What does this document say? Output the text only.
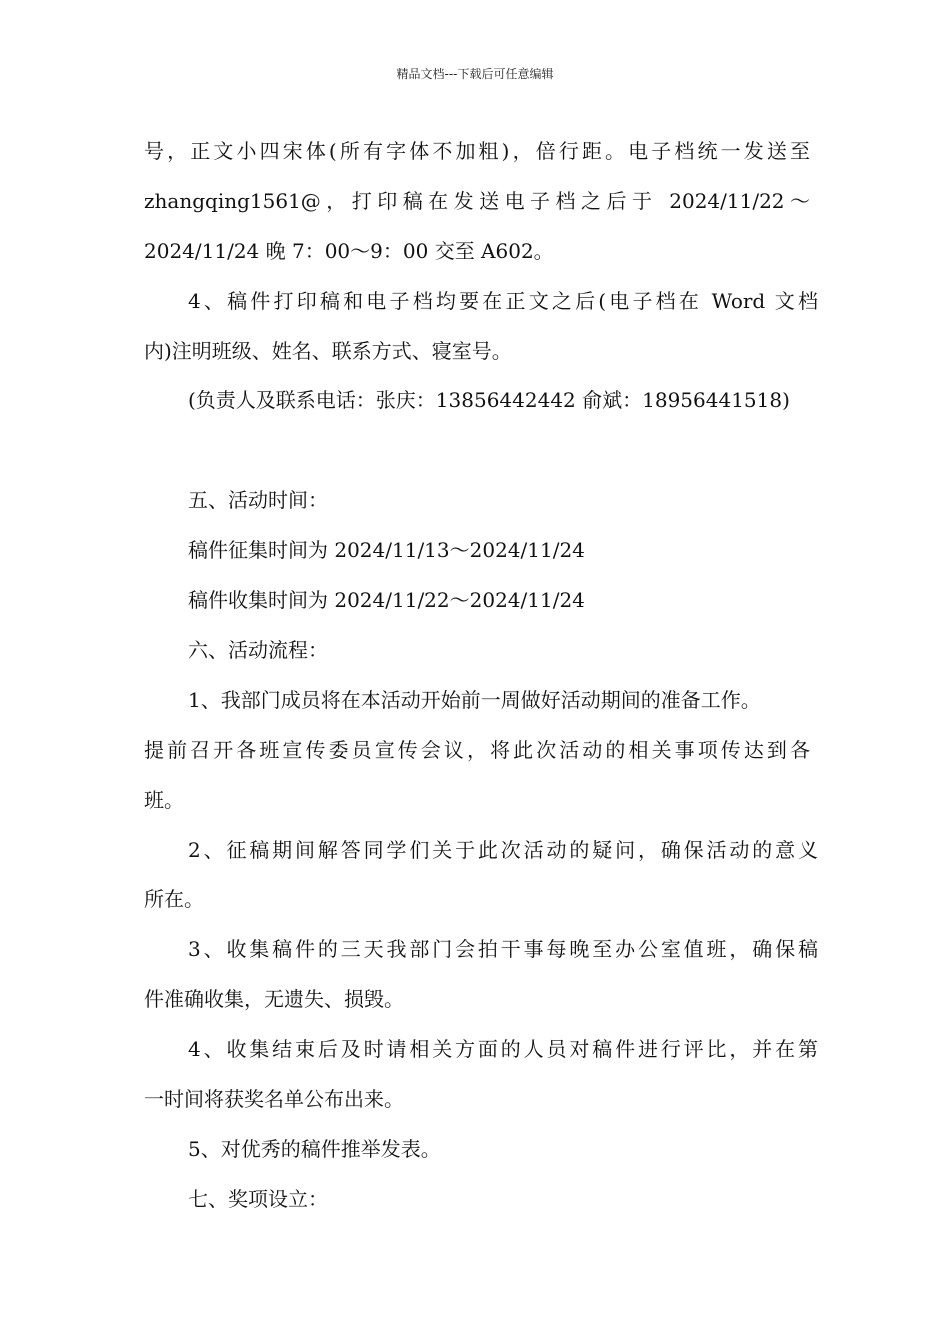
精品文档---下载后可任意编辑
号，正文小四宋体(所有字体不加粗)，倍行距。电子档统一发送至
zhangqing1561@，打印稿在发送电子档之后于 2024/11/22～
2024/11/24 晚 7：00～9：00 交至 A602。
4、稿件打印稿和电子档均要在正文之后(电子档在 Word 文档
内)注明班级、姓名、联系方式、寝室号。
(负责人及联系电话：张庆：13856442442 俞斌：18956441518)
五、活动时间：
稿件征集时间为 2024/11/13～2024/11/24
稿件收集时间为 2024/11/22～2024/11/24
六、活动流程：
1、我部门成员将在本活动开始前一周做好活动期间的准备工作。
提前召开各班宣传委员宣传会议，将此次活动的相关事项传达到各
班。
2、征稿期间解答同学们关于此次活动的疑问，确保活动的意义
所在。
3、收集稿件的三天我部门会拍干事每晚至办公室值班，确保稿
件准确收集，无遗失、损毁。
4、收集结束后及时请相关方面的人员对稿件进行评比，并在第
一时间将获奖名单公布出来。
5、对优秀的稿件推举发表。
七、奖项设立：
